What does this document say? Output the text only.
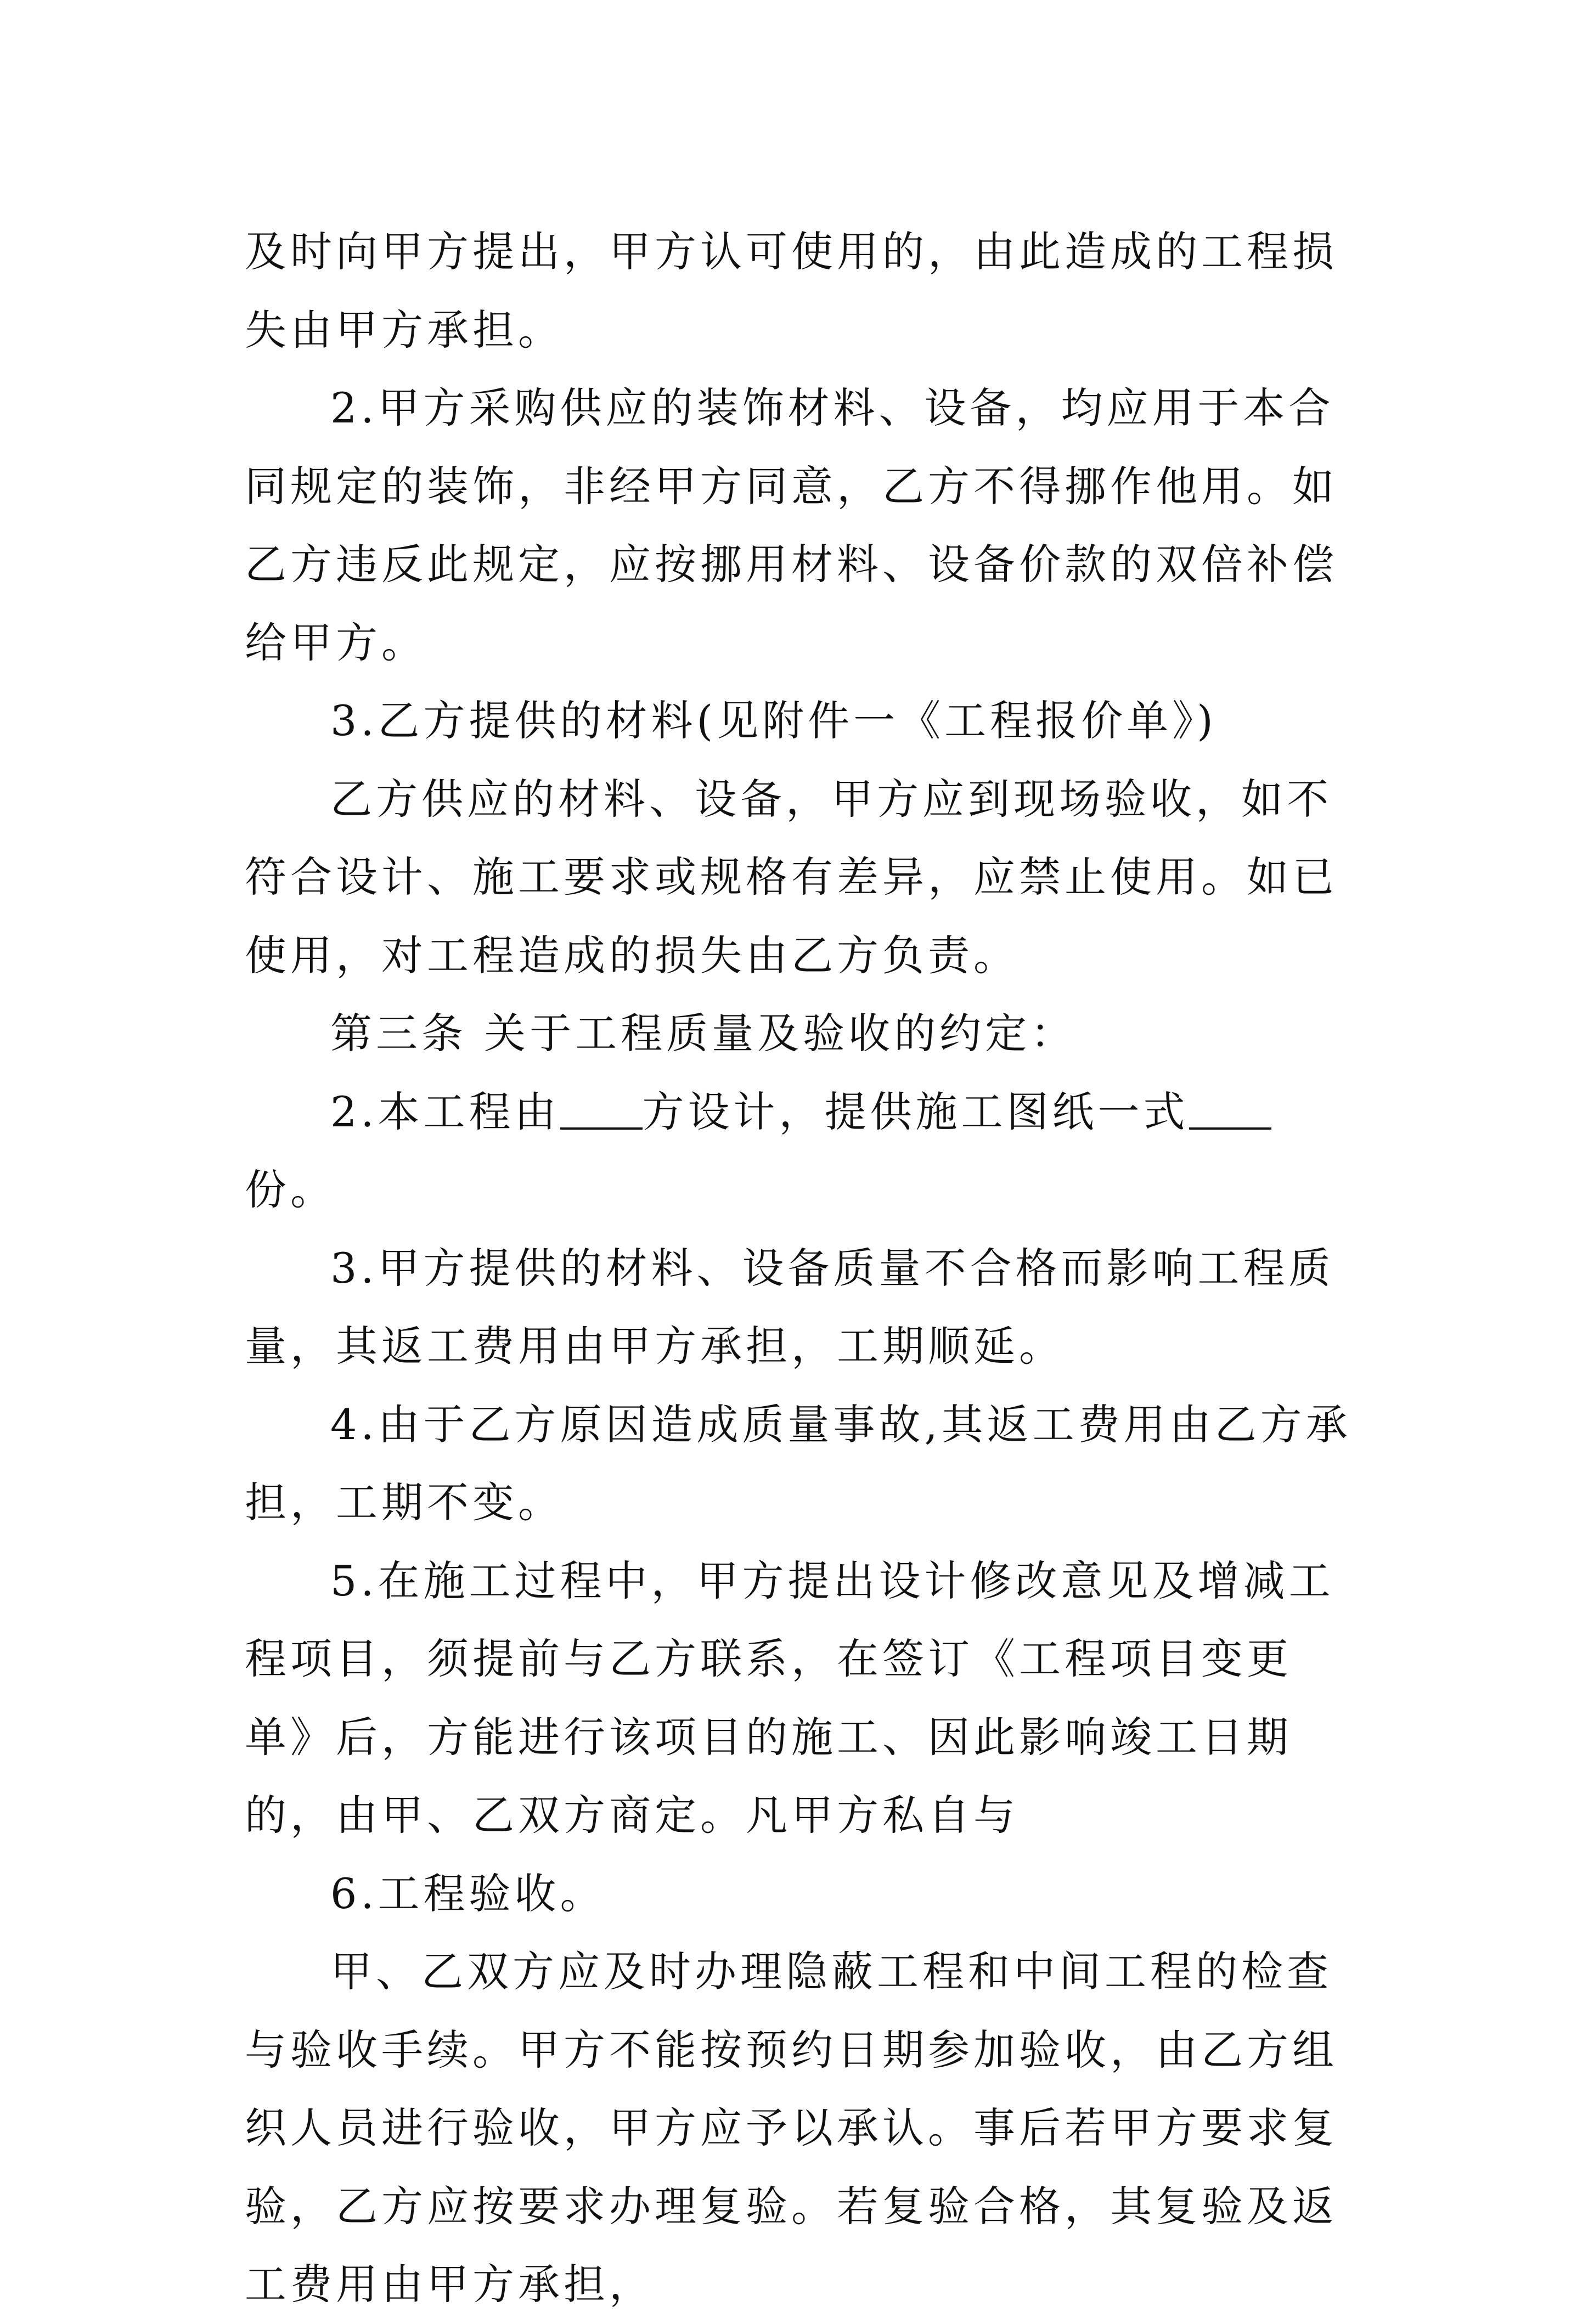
及时向甲方提出，甲方认可使用的，由此造成的工程损失由甲方承担。

2.甲方采购供应的装饰材料、设备，均应用于本合同规定的装饰，非经甲方同意，乙方不得挪作他用。如乙方违反此规定，应按挪用材料、设备价款的双倍补偿给甲方。

3.乙方提供的材料(见附件一《工程报价单》)

乙方供应的材料、设备，甲方应到现场验收，如不符合设计、施工要求或规格有差异，应禁止使用。如已使用，对工程造成的损失由乙方负责。

第三条 关于工程质量及验收的约定：

2.本工程由 方设计，提供施工图纸一式份。

3.甲方提供的材料、设备质量不合格而影响工程质量，其返工费用由甲方承担，工期顺延。

4.由于乙方原因造成质量事故,其返工费用由乙方承担，工期不变。

5.在施工过程中，甲方提出设计修改意见及增减工程项目，须提前与乙方联系，在签订《工程项目变更单》后，方能进行该项目的施工、因此影响竣工日期的，由甲、乙双方商定。凡甲方私自与

6.工程验收。

甲、乙双方应及时办理隐蔽工程和中间工程的检查与验收手续。甲方不能按预约日期参加验收，由乙方组织人员进行验收，甲方应予以承认。事后若甲方要求复验，乙方应按要求办理复验。若复验合格，其复验及返工费用由甲方承担，
